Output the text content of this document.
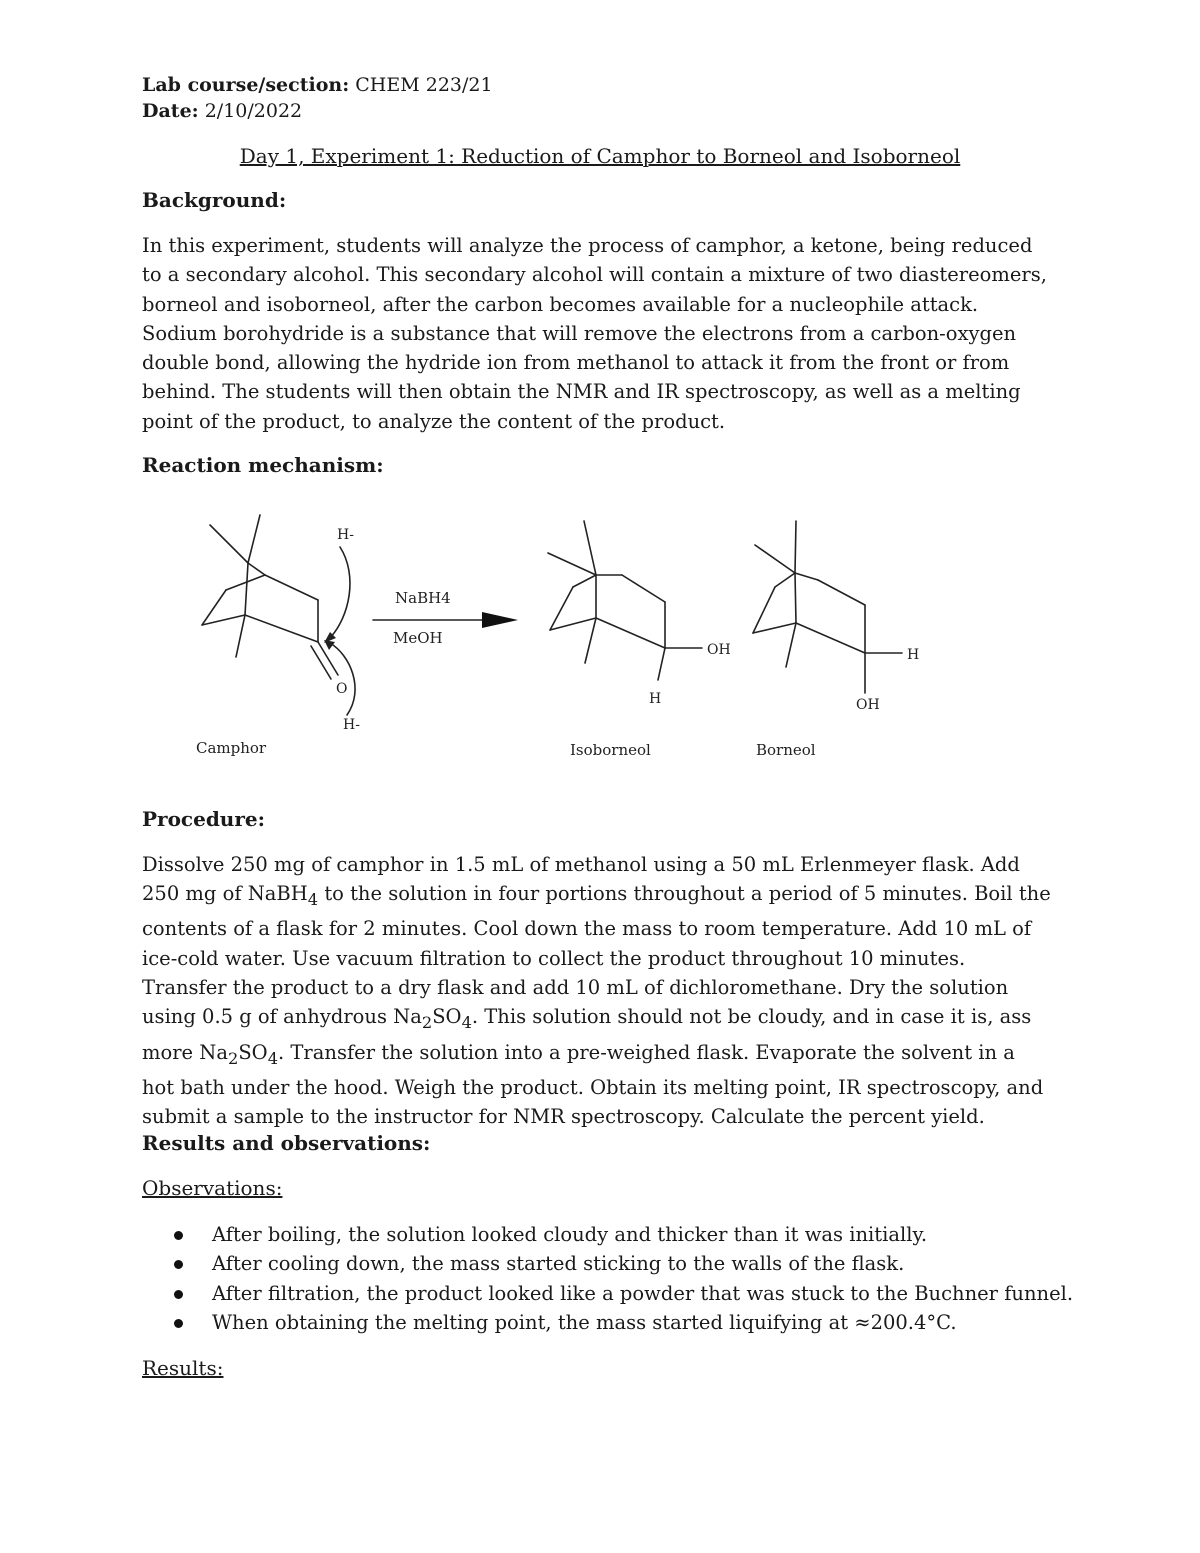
Lab course/section: CHEM 223/21
Date: 2/10/2022
Day 1, Experiment 1: Reduction of Camphor to Borneol and Isoborneol
Background:

In this experiment, students will analyze the process of camphor, a ketone, being reduced to a secondary alcohol. This secondary alcohol will contain a mixture of two diastereomers, borneol and isoborneol, after the carbon becomes available for a nucleophile attack. Sodium borohydride is a substance that will remove the electrons from a carbon-oxygen double bond, allowing the hydride ion from methanol to attack it from the front or from behind. The students will then obtain the NMR and IR spectroscopy, as well as a melting point of the product, to analyze the content of the product.

Reaction mechanism:
H-
O
H-
NaBH4
MeOH
OH
H
H
OH
Camphor	Isoborneol	Borneol
Procedure:

Dissolve 250 mg of camphor in 1.5 mL of methanol using a 50 mL Erlenmeyer flask. Add 250 mg of NaBH$_4$ to the solution in four portions throughout a period of 5 minutes. Boil the contents of a flask for 2 minutes. Cool down the mass to room temperature. Add 10 mL of ice-cold water. Use vacuum filtration to collect the product throughout 10 minutes. Transfer the product to a dry flask and add 10 mL of dichloromethane. Dry the solution using 0.5 g of anhydrous $Na_2SO_4$. This solution should not be cloudy, and in case it is, ass more $Na_2SO_4$. Transfer the solution into a pre-weighed flask. Evaporate the solvent in a hot bath under the hood. Weigh the product. Obtain its melting point, IR spectroscopy, and submit a sample to the instructor for NMR spectroscopy. Calculate the percent yield.

Results and observations:
Observations:
After boiling, the solution looked cloudy and thicker than it was initially.
After cooling down, the mass started sticking to the walls of the flask.
After filtration, the product looked like a powder that was stuck to the Buchner funnel.
When obtaining the melting point, the mass started liquifying at ≈200.4°C.
Results:
